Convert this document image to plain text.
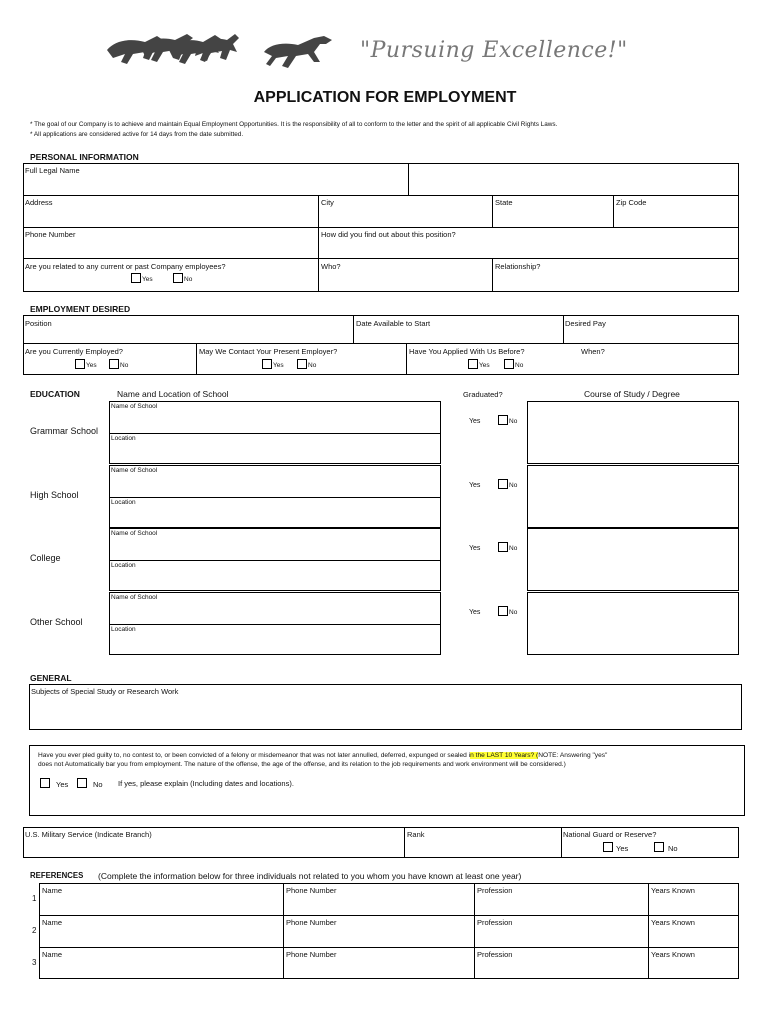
"Pursuing Excellence!"
APPLICATION FOR EMPLOYMENT
* The goal of our Company is to achieve and maintain Equal Employment Opportunities. It is the responsibility of all to conform to the letter and the spirit of all applicable Civil Rights Laws.
* All applications are considered active for 14 days from the date submitted.
PERSONAL INFORMATION
Full Legal Name
Address	City	State	Zip Code
Phone Number	How did you find out about this position?
Are you related to any current or past Company employees?
Yes	No
Who?	Relationship?
EMPLOYMENT DESIRED
Position	Date Available to Start	Desired Pay
Are you Currently Employed?
Yes	No
May We Contact Your Present Employer?
Yes	No
Have You Applied With Us Before?
Yes	No
When?
EDUCATION	Name and Location of School	Graduated?	Course of Study / Degree
Grammar School
Name of School
Location
Yes	No
High School
Name of School
Location
Yes	No
College
Name of School
Location
Yes	No
Other School
Name of School
Location
Yes	No
GENERAL
Subjects of Special Study or Research Work
Have you ever pled guilty to, no contest to, or been convicted of a felony or misdemeanor that was not later annulled, deferred, expunged or sealed in the LAST 10 Years? (NOTE: Answering "yes"
does not Automatically bar you from employment. The nature of the offense, the age of the offense, and its relation to the job requirements and work environment will be considered.)
Yes	No If yes, please explain (Including dates and locations).
U.S. Military Service (Indicate Branch)	Rank	National Guard or Reserve?
Yes	No
REFERENCES (Complete the information below for three individuals not related to you whom you have known at least one year)
1
Name	Phone Number	Profession	Years Known
2
Name	Phone Number	Profession	Years Known
3
Name	Phone Number	Profession	Years Known
